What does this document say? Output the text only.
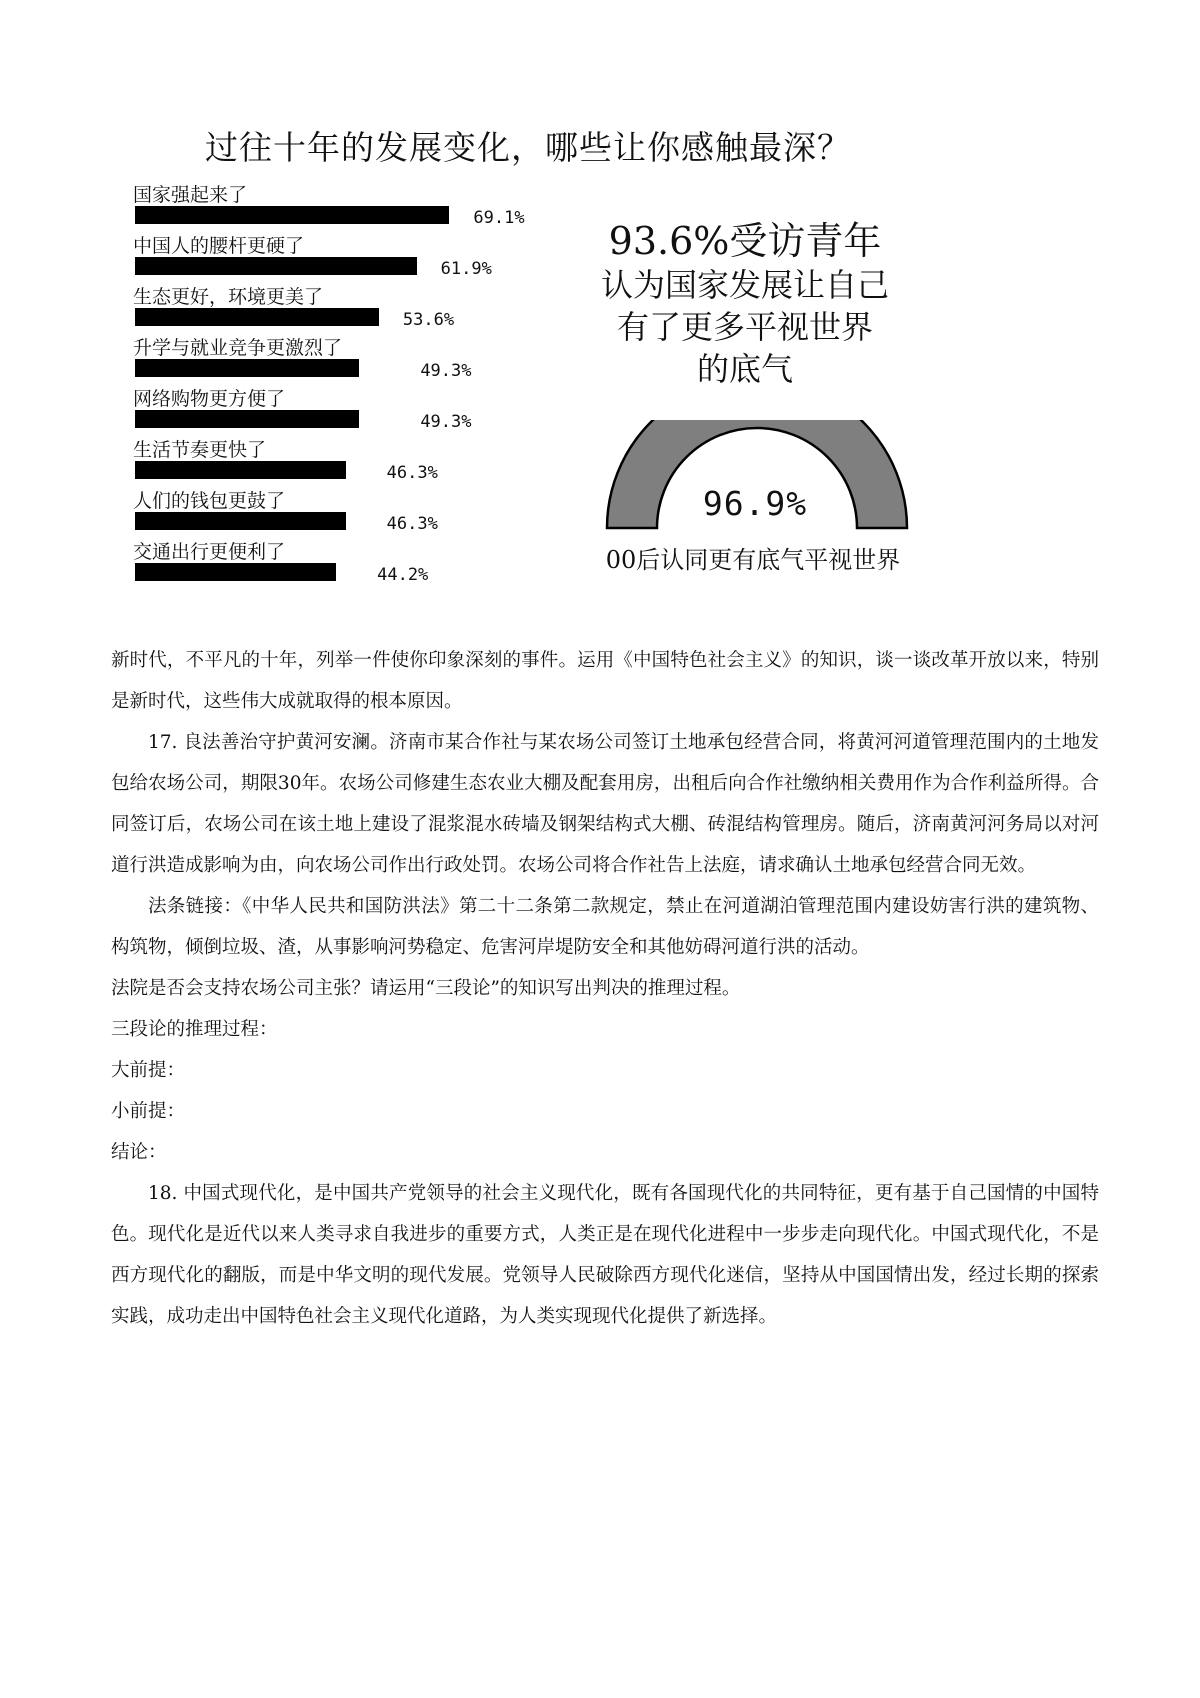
过往十年的发展变化，哪些让你感触最深？
国家强起来了
69.1%
中国人的腰杆更硬了
61.9%
生态更好，环境更美了
53.6%
升学与就业竞争更激烈了
49.3%
网络购物更方便了
49.3%
生活节奏更快了
46.3%
人们的钱包更鼓了
46.3%
交通出行更便利了
44.2%
93.6%受访青年
认为国家发展让自己
有了更多平视世界
的底气
96.9%
00后认同更有底气平视世界

新时代，不平凡的十年，列举一件使你印象深刻的事件。运用《中国特色社会主义》的知识，谈一谈改革开放以来，特别是新时代，这些伟大成就取得的根本原因。

17. 良法善治守护黄河安澜。济南市某合作社与某农场公司签订土地承包经营合同，将黄河河道管理范围内的土地发包给农场公司，期限30年。农场公司修建生态农业大棚及配套用房，出租后向合作社缴纳相关费用作为合作利益所得。合同签订后，农场公司在该土地上建设了混浆混水砖墙及钢架结构式大棚、砖混结构管理房。随后，济南黄河河务局以对河道行洪造成影响为由，向农场公司作出行政处罚。农场公司将合作社告上法庭，请求确认土地承包经营合同无效。

法条链接：《中华人民共和国防洪法》第二十二条第二款规定，禁止在河道湖泊管理范围内建设妨害行洪的建筑物、构筑物，倾倒垃圾、渣，从事影响河势稳定、危害河岸堤防安全和其他妨碍河道行洪的活动。

法院是否会支持农场公司主张？请运用“三段论”的知识写出判决的推理过程。

三段论的推理过程：

大前提：

小前提：

结论：

18. 中国式现代化，是中国共产党领导的社会主义现代化，既有各国现代化的共同特征，更有基于自己国情的中国特色。现代化是近代以来人类寻求自我进步的重要方式，人类正是在现代化进程中一步步走向现代化。中国式现代化，不是西方现代化的翻版，而是中华文明的现代发展。党领导人民破除西方现代化迷信，坚持从中国国情出发，经过长期的探索实践，成功走出中国特色社会主义现代化道路，为人类实现现代化提供了新选择。
